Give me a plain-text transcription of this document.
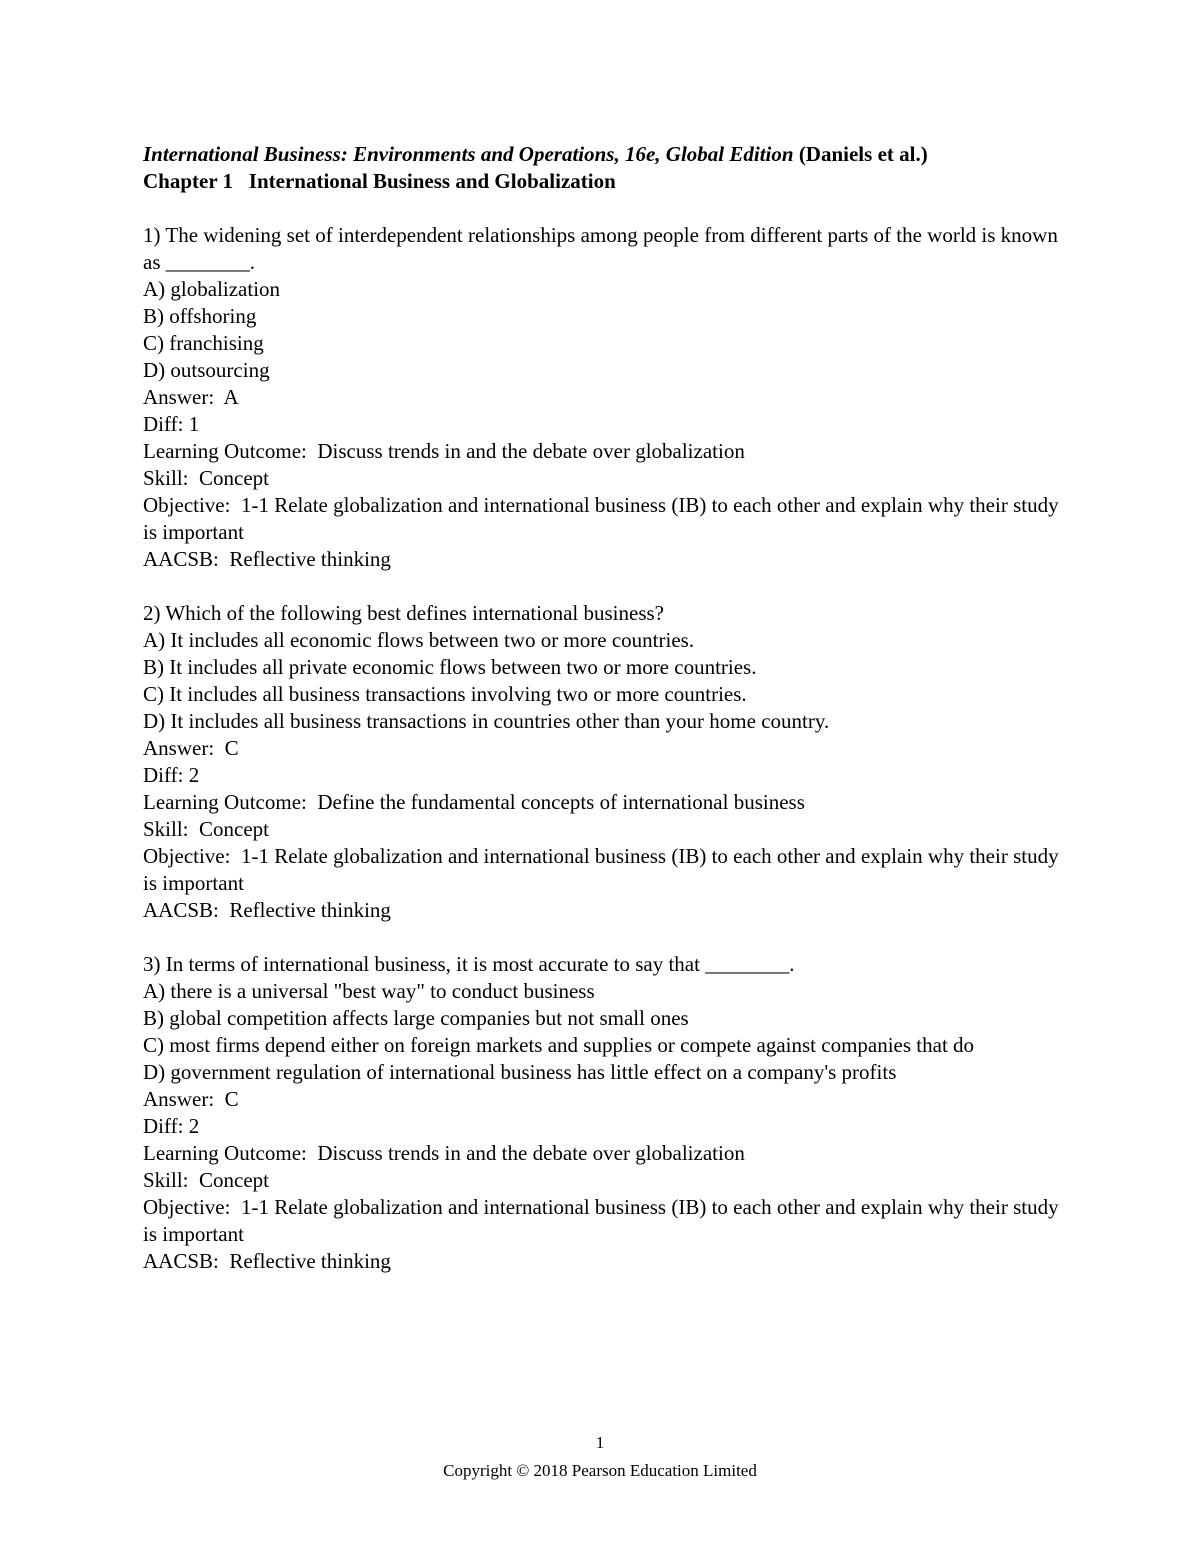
International Business: Environments and Operations, 16e, Global Edition (Daniels et al.)
Chapter 1 International Business and Globalization
1) The widening set of interdependent relationships among people from different parts of the world is known as ________.
A) globalization
B) offshoring
C) franchising
D) outsourcing
Answer:  A
Diff: 1
Learning Outcome:  Discuss trends in and the debate over globalization
Skill:  Concept
Objective:  1-1 Relate globalization and international business (IB) to each other and explain why their study is important
AACSB:  Reflective thinking
2) Which of the following best defines international business?
A) It includes all economic flows between two or more countries.
B) It includes all private economic flows between two or more countries.
C) It includes all business transactions involving two or more countries.
D) It includes all business transactions in countries other than your home country.
Answer:  C
Diff: 2
Learning Outcome:  Define the fundamental concepts of international business
Skill:  Concept
Objective:  1-1 Relate globalization and international business (IB) to each other and explain why their study is important
AACSB:  Reflective thinking
3) In terms of international business, it is most accurate to say that ________.
A) there is a universal "best way" to conduct business
B) global competition affects large companies but not small ones
C) most firms depend either on foreign markets and supplies or compete against companies that do
D) government regulation of international business has little effect on a company's profits
Answer:  C
Diff: 2
Learning Outcome:  Discuss trends in and the debate over globalization
Skill:  Concept
Objective:  1-1 Relate globalization and international business (IB) to each other and explain why their study is important
AACSB:  Reflective thinking
1
Copyright © 2018 Pearson Education Limited
